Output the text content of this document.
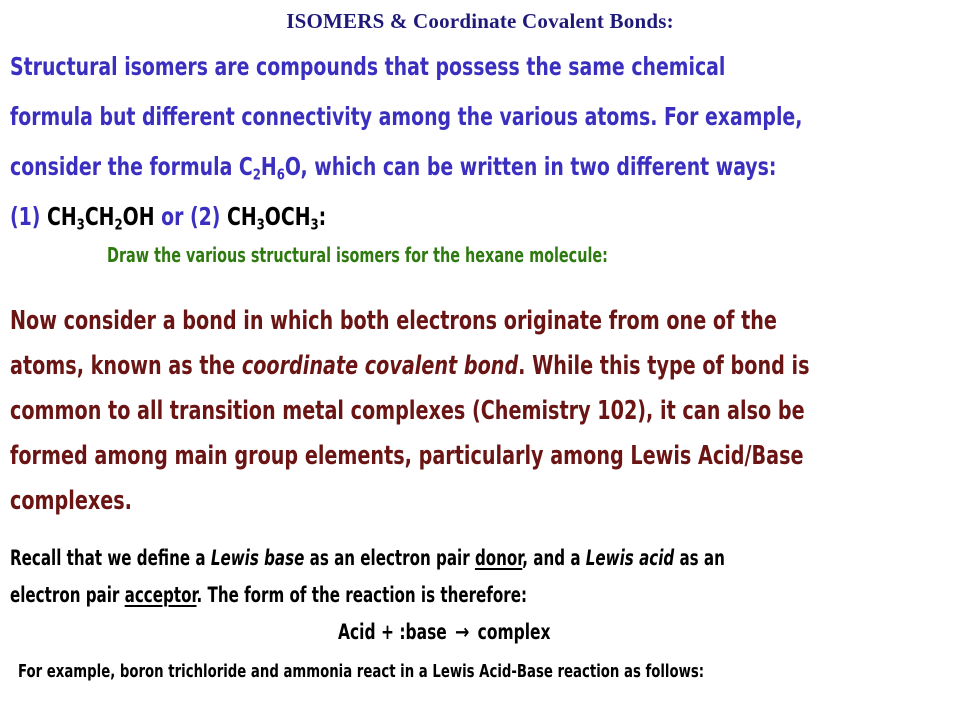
ISOMERS & Coordinate Covalent Bonds:
Structural isomers are compounds that possess the same chemical
formula but different connectivity among the various atoms. For example,
consider the formula $C_2H_6O$, which can be written in two different ways:
(1) $CH_3CH_2OH$ or (2) $CH_3OCH_3$:
Draw the various structural isomers for the hexane molecule:
Now consider a bond in which both electrons originate from one of the
atoms, known as the coordinate covalent bond. While this type of bond is
common to all transition metal complexes (Chemistry 102), it can also be
formed among main group elements, particularly among Lewis Acid/Base
complexes.
Recall that we define a Lewis base as an electron pair donor, and a Lewis acid as an
electron pair acceptor. The form of the reaction is therefore:
Acid + :base → complex
For example, boron trichloride and ammonia react in a Lewis Acid-Base reaction as follows:
